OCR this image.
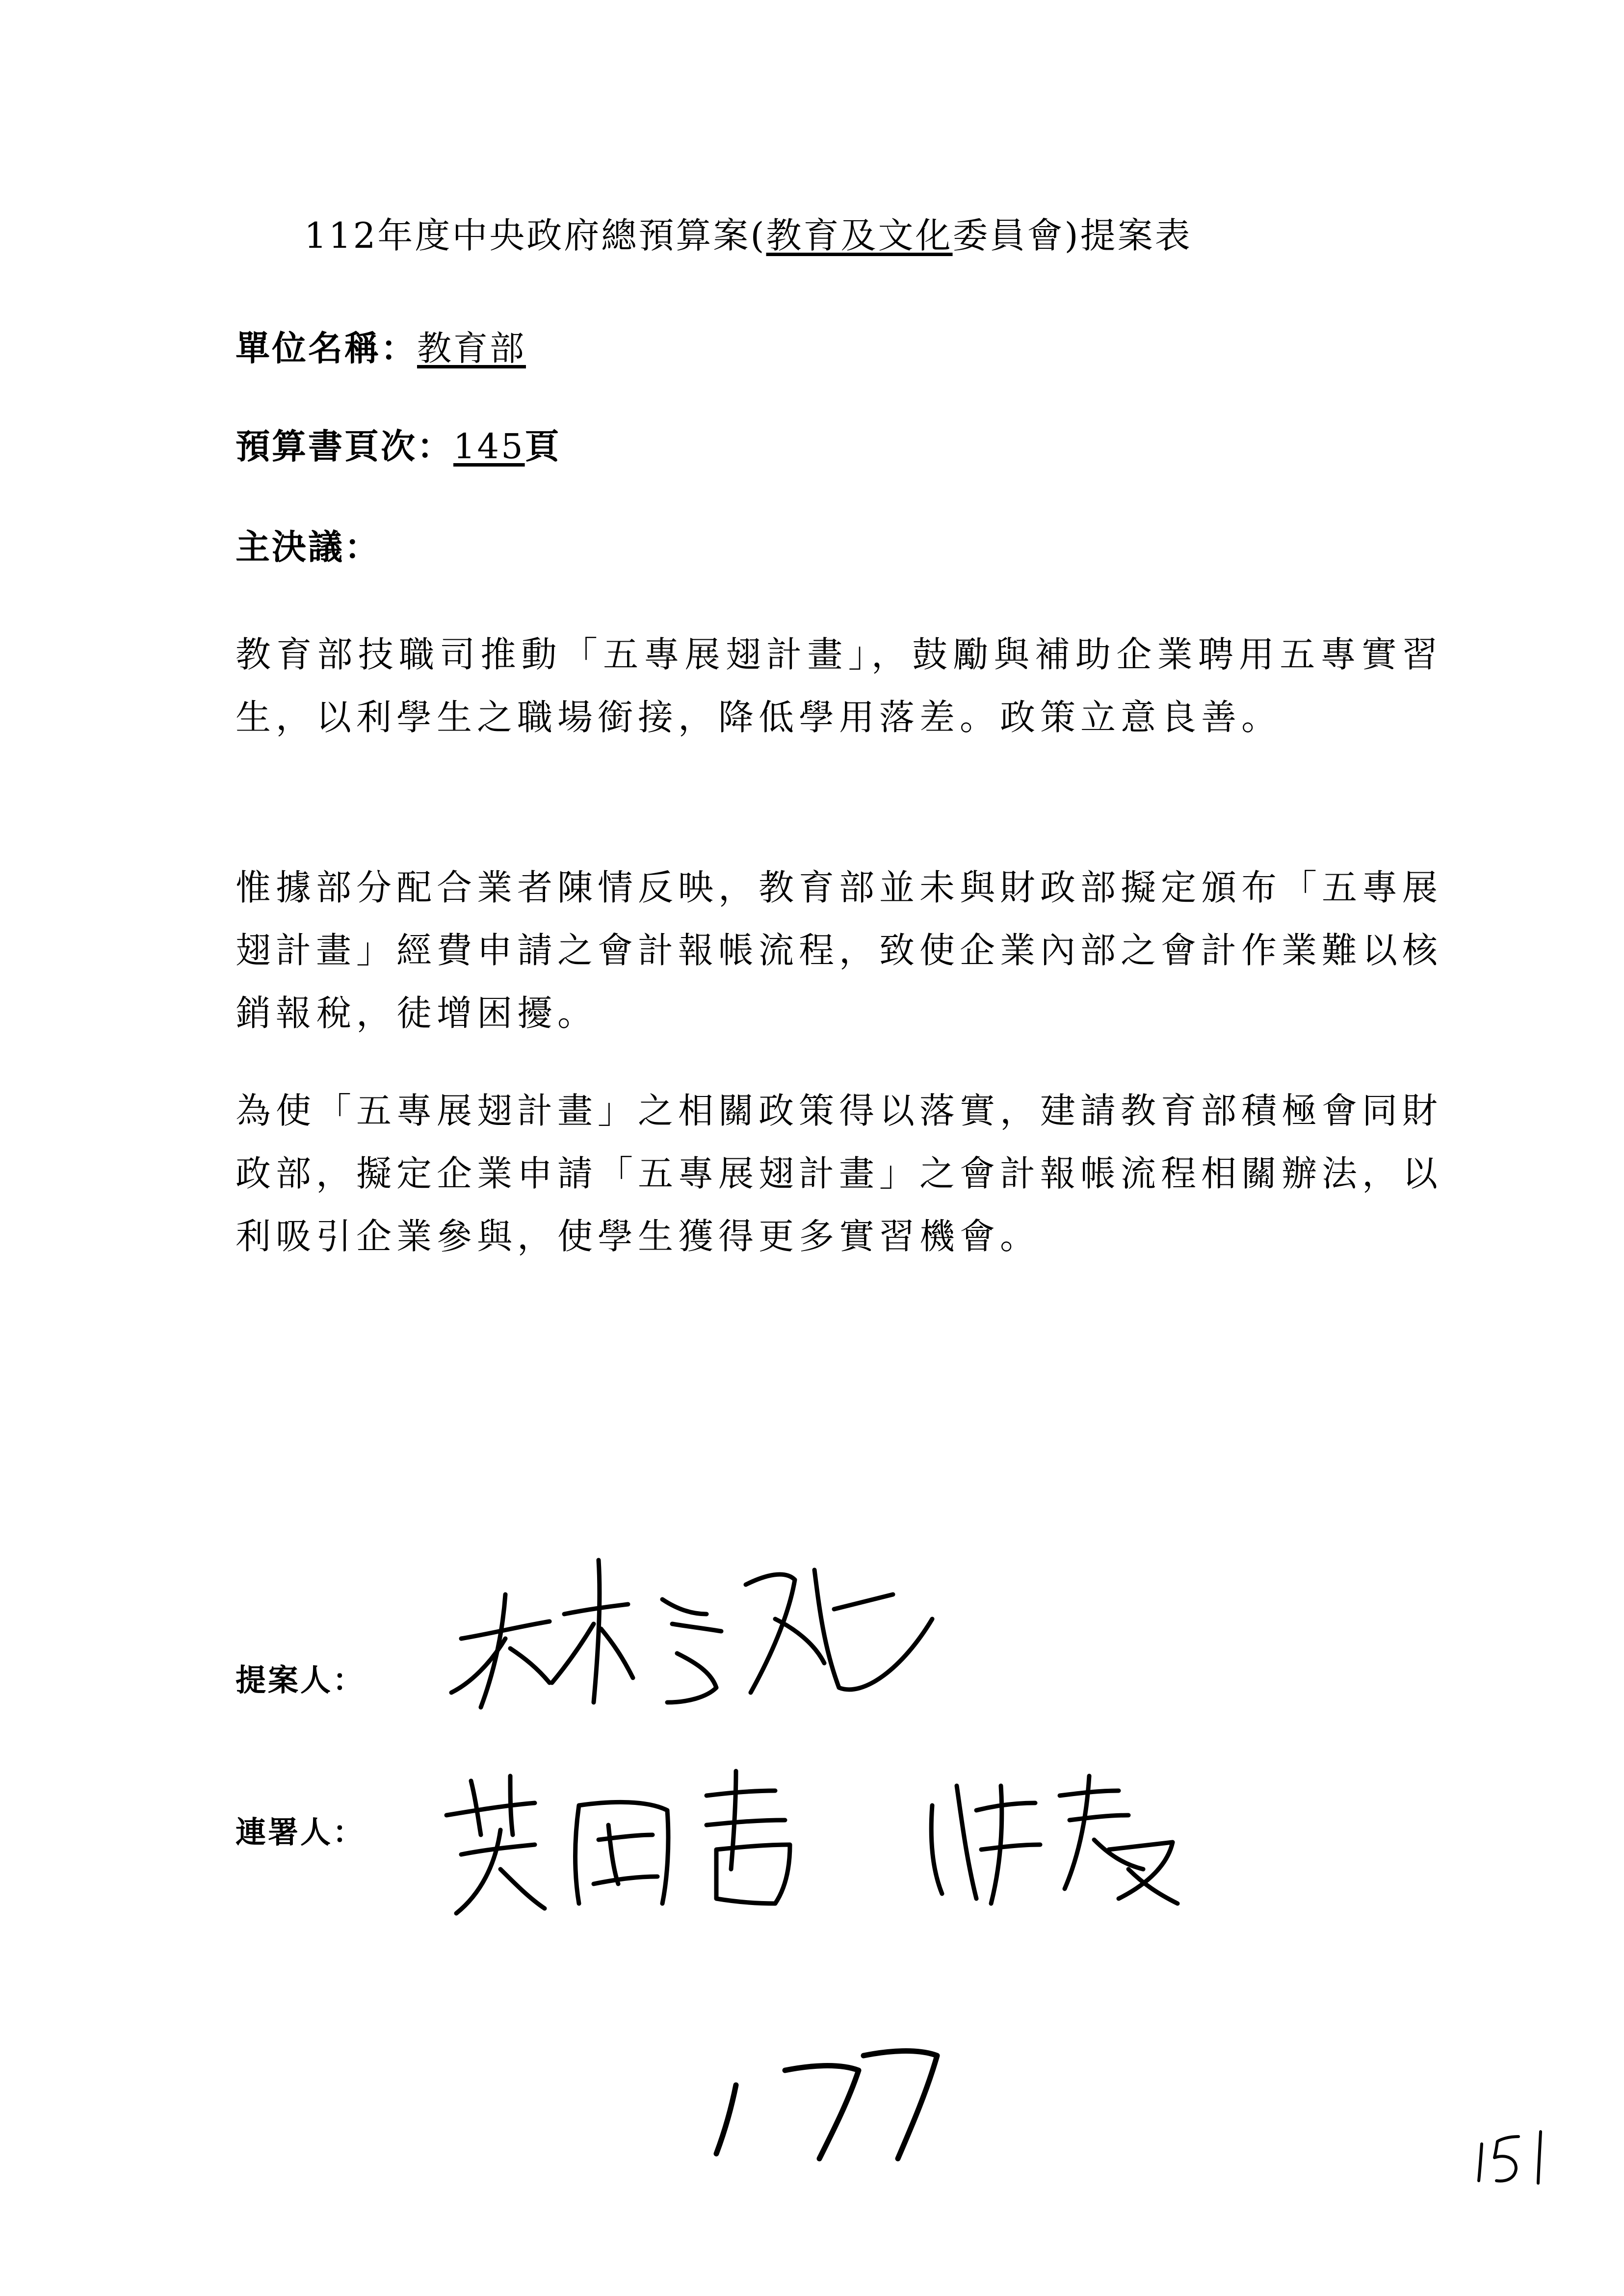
112年度中央政府總預算案(教育及文化委員會)提案表
單位名稱：教育部
預算書頁次：145頁
主決議：
教育部技職司推動「五專展翅計畫」，鼓勵與補助企業聘用五專實習生，以利學生之職場銜接，降低學用落差。政策立意良善。
惟據部分配合業者陳情反映，教育部並未與財政部擬定頒布「五專展翅計畫」經費申請之會計報帳流程，致使企業內部之會計作業難以核銷報稅，徒增困擾。
為使「五專展翅計畫」之相關政策得以落實，建請教育部積極會同財政部，擬定企業申請「五專展翅計畫」之會計報帳流程相關辦法，以利吸引企業參與，使學生獲得更多實習機會。
提案人：
連署人：
